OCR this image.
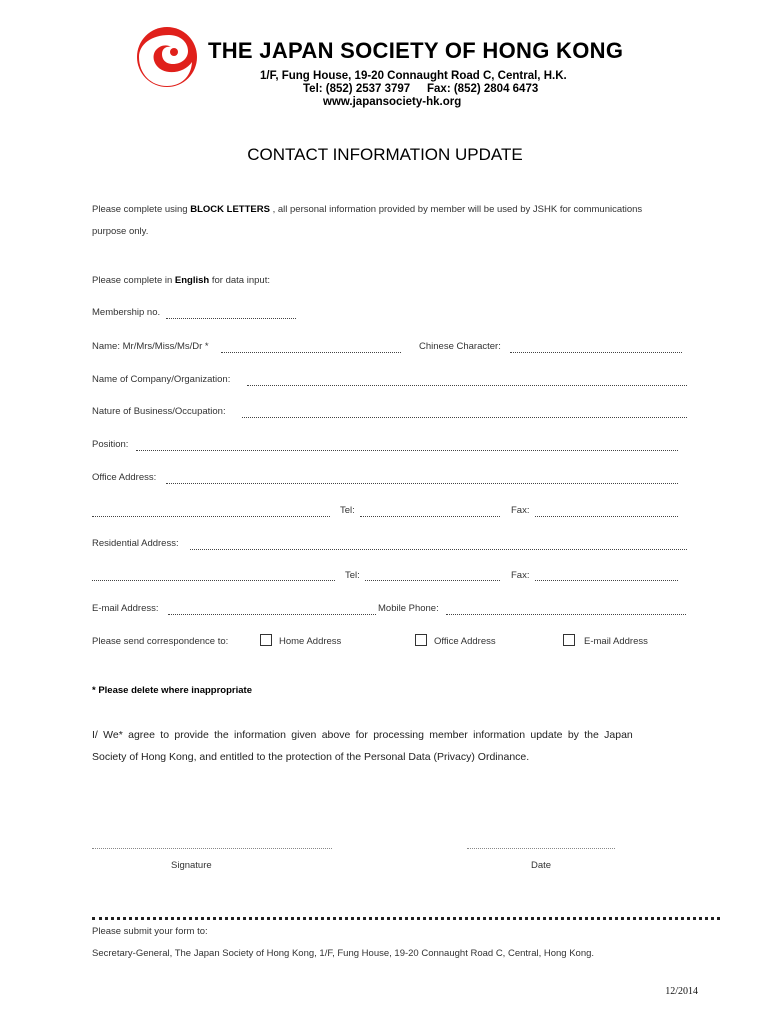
THE JAPAN SOCIETY OF HONG KONG
1/F, Fung House, 19-20 Connaught Road C, Central, H.K.
Tel: (852) 2537 3797 Fax: (852) 2804 6473
www.japansociety-hk.org
CONTACT INFORMATION UPDATE
Please complete using BLOCK LETTERS , all personal information provided by member will be used by JSHK for communications
purpose only.
Please complete in English for data input:
Membership no.
Name: Mr/Mrs/Miss/Ms/Dr *	Chinese Character:
Name of Company/Organization:
Nature of Business/Occupation:
Position:
Office Address:
Tel:	Fax:
Residential Address:
Tel:	Fax:
E-mail Address:	Mobile Phone:
Please send correspondence to:	Home Address	Office Address	E-mail Address
* Please delete where inappropriate
I/ We* agree to provide the information given above for processing member information update by the Japan
Society of Hong Kong, and entitled to the protection of the Personal Data (Privacy) Ordinance.
Signature	Date
Please submit your form to:
Secretary-General, The Japan Society of Hong Kong, 1/F, Fung House, 19-20 Connaught Road C, Central, Hong Kong.
12/2014
